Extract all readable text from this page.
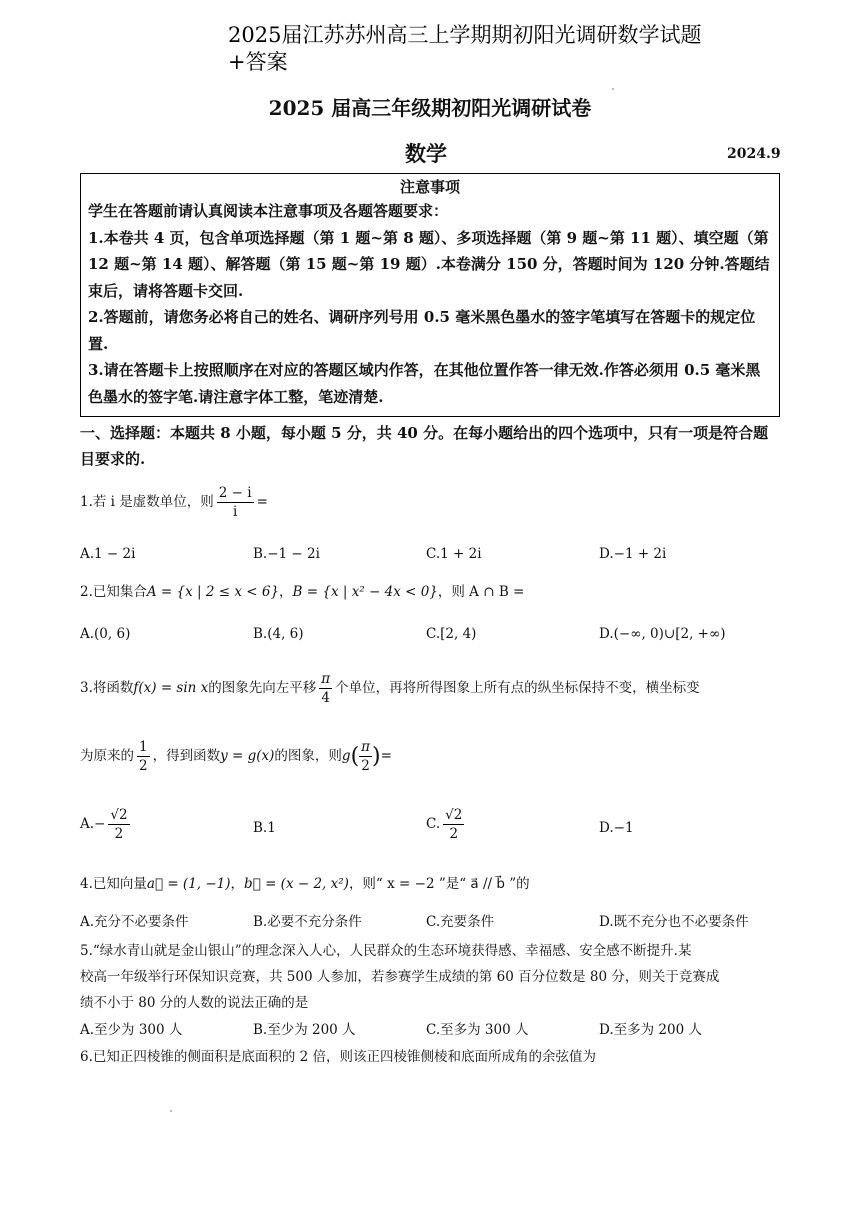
2025届江苏苏州高三上学期期初阳光调研数学试题+答案
2025 届高三年级期初阳光调研试卷
数学	2024.9
注意事项

学生在答题前请认真阅读本注意事项及各题答题要求：

1.本卷共 4 页，包含单项选择题（第 1 题~第 8 题）、多项选择题（第 9 题~第 11 题）、填空题（第 12 题~第 14 题）、解答题（第 15 题~第 19 题）.本卷满分 150 分，答题时间为 120 分钟.答题结束后，请将答题卡交回.

2.答题前，请您务必将自己的姓名、调研序列号用 0.5 毫米黑色墨水的签字笔填写在答题卡的规定位置.

3.请在答题卡上按照顺序在对应的答题区域内作答，在其他位置作答一律无效.作答必须用 0.5 毫米黑色墨水的签字笔.请注意字体工整，笔迹清楚.

一、选择题：本题共 8 小题，每小题 5 分，共 40 分。在每小题给出的四个选项中，只有一项是符合题目要求的.
1.若 i 是虚数单位，则 $\frac{2 - i}{i}$ =
A.1 − 2i	B.−1 − 2i	C.1 + 2i	D.−1 + 2i
2.已知集合A = {x | 2 ≤ x < 6}，B = {x | x² − 4x < 0}，则 A ∩ B =
A.(0, 6)	B.(4, 6)	C.[2, 4)	D.(−∞, 0)∪[2, +∞)
3.将函数f(x) = sin x的图象先向左平移 $\frac{\pi}{4}$ 个单位，再将所得图象上所有点的纵坐标保持不变，横坐标变
为原来的 $\frac{1}{2}$ ，得到函数y = g(x)的图象，则$g( \frac{\pi}{2}$ )=
$A.- \frac{√2}{2}$	B.1	C. $\frac{√2}{2}$	D.−1
4.已知向量a⃗ = (1, −1)，b⃗ = (x − 2, x²)，则“ x = −2 ”是“ a⃗ // b⃗ ”的
A.充分不必要条件	B.必要不充分条件	C.充要条件	D.既不充分也不必要条件
5.“绿水青山就是金山银山”的理念深入人心，人民群众的生态环境获得感、幸福感、安全感不断提升.某
校高一年级举行环保知识竞赛，共 500 人参加，若参赛学生成绩的第 60 百分位数是 80 分，则关于竞赛成
绩不小于 80 分的人数的说法正确的是
A.至少为 300 人	B.至少为 200 人	C.至多为 300 人	D.至多为 200 人
6.已知正四棱锥的侧面积是底面积的 2 倍，则该正四棱锥侧棱和底面所成角的余弦值为
